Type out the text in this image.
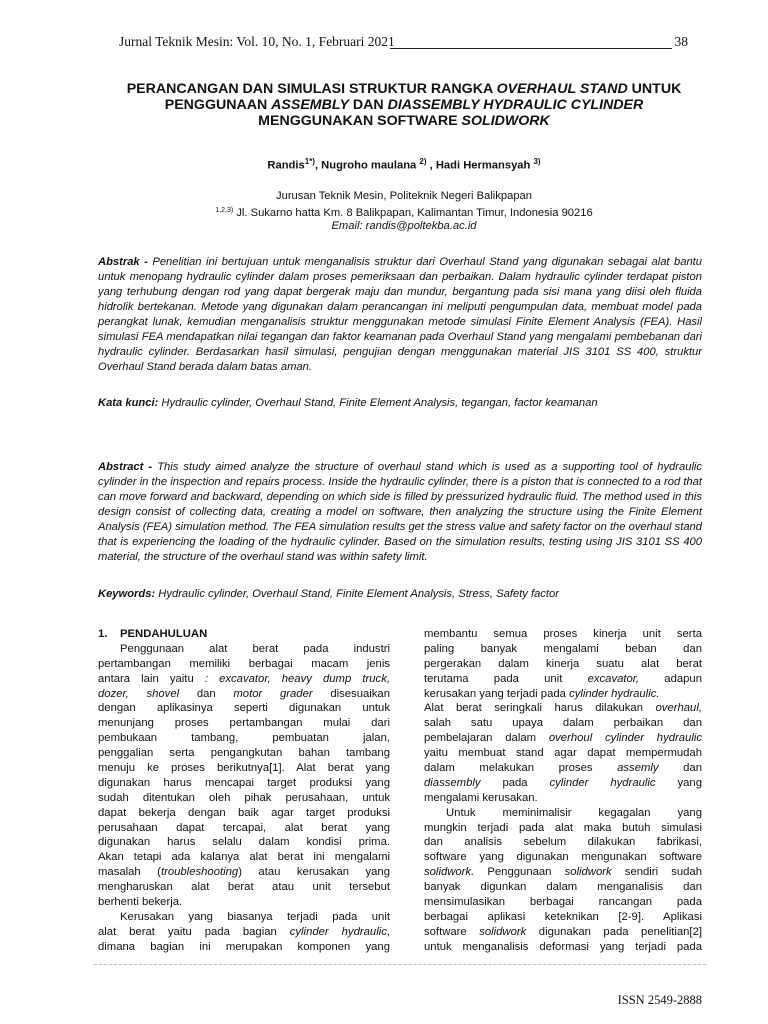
Jurnal Teknik Mesin: Vol. 10, No. 1, Februari 2021	38
PERANCANGAN DAN SIMULASI STRUKTUR RANGKA OVERHAUL STAND UNTUK
PENGGUNAAN ASSEMBLY DAN DIASSEMBLY HYDRAULIC CYLINDER
MENGGUNAKAN SOFTWARE SOLIDWORK
Randis$^{1*)}$, Nugroho maulana $^{2)}$ , Hadi Hermansyah $^{3)}$
Jurusan Teknik Mesin, Politeknik Negeri Balikpapan
$^{1,2,3)}$ Jl. Sukarno hatta Km. 8 Balikpapan, Kalimantan Timur, Indonesia 90216
Email: randis@poltekba.ac.id
Abstrak - Penelitian ini bertujuan untuk menganalisis struktur dari Overhaul Stand yang digunakan sebagai alat bantu untuk menopang hydraulic cylinder dalam proses pemeriksaan dan perbaikan. Dalam hydraulic cylinder terdapat piston yang terhubung dengan rod yang dapat bergerak maju dan mundur, bergantung pada sisi mana yang diisi oleh fluida hidrolik bertekanan. Metode yang digunakan dalam perancangan ini meliputi pengumpulan data, membuat model pada perangkat lunak, kemudian menganalisis struktur menggunakan metode simulasi Finite Element Analysis (FEA). Hasil simulasi FEA mendapatkan nilai tegangan dan faktor keamanan pada Overhaul Stand yang mengalami pembebanan dari hydraulic cylinder. Berdasarkan hasil simulasi, pengujian dengan menggunakan material JIS 3101 SS 400, struktur Overhaul Stand berada dalam batas aman.
Kata kunci: Hydraulic cylinder, Overhaul Stand, Finite Element Analysis, tegangan, factor keamanan
Abstract - This study aimed analyze the structure of overhaul stand which is used as a supporting tool of hydraulic cylinder in the inspection and repairs process. Inside the hydraulic cylinder, there is a piston that is connected to a rod that can move forward and backward, depending on which side is filled by pressurized hydraulic fluid. The method used in this design consist of collecting data, creating a model on software, then analyzing the structure using the Finite Element Analysis (FEA) simulation method. The FEA simulation results get the stress value and safety factor on the overhaul stand that is experiencing the loading of the hydraulic cylinder. Based on the simulation results, testing using JIS 3101 SS 400 material, the structure of the overhaul stand was within safety limit.
Keywords: Hydraulic cylinder, Overhaul Stand, Finite Element Analysis, Stress, Safety factor
1. PENDAHULUAN
Penggunaan alat berat pada industri
pertambangan memiliki berbagai macam jenis
antara lain yaitu : excavator, heavy dump truck,
dozer, shovel dan motor grader disesuaikan
dengan aplikasinya seperti digunakan untuk
menunjang proses pertambangan mulai dari
pembukaan tambang, pembuatan jalan,
penggalian serta pengangkutan bahan tambang
menuju ke proses berikutnya[1]. Alat berat yang
digunakan harus mencapai target produksi yang
sudah ditentukan oleh pihak perusahaan, untuk
dapat bekerja dengan baik agar target produksi
perusahaan dapat tercapai, alat berat yang
digunakan harus selalu dalam kondisi prima.
Akan tetapi ada kalanya alat berat ini mengalami
masalah (troubleshooting) atau kerusakan yang
mengharuskan alat berat atau unit tersebut
berhenti bekerja.
Kerusakan yang biasanya terjadi pada unit
alat berat yaitu pada bagian cylinder hydraulic,
dimana bagian ini merupakan komponen yang
membantu semua proses kinerja unit serta
paling banyak mengalami beban dan
pergerakan dalam kinerja suatu alat berat
terutama pada unit excavator, adapun
kerusakan yang terjadi pada cylinder hydraulic.
Alat berat seringkali harus dilakukan overhaul,
salah satu upaya dalam perbaikan dan
pembelajaran dalam overhoul cylinder hydraulic
yaitu membuat stand agar dapat mempermudah
dalam melakukan proses assemly dan
diassembly pada cylinder hydraulic yang
mengalami kerusakan.
Untuk meminimalisir kegagalan yang
mungkin terjadi pada alat maka butuh simulasi
dan analisis sebelum dilakukan fabrikasi,
software yang digunakan mengunakan software
solidwork. Penggunaan solidwork sendiri sudah
banyak digunkan dalam menganalisis dan
mensimulasikan berbagai rancangan pada
berbagai aplikasi keteknikan [2-9]. Aplikasi
software solidwork digunakan pada penelitian[2]
untuk menganalisis deformasi yang terjadi pada
ISSN 2549-2888
